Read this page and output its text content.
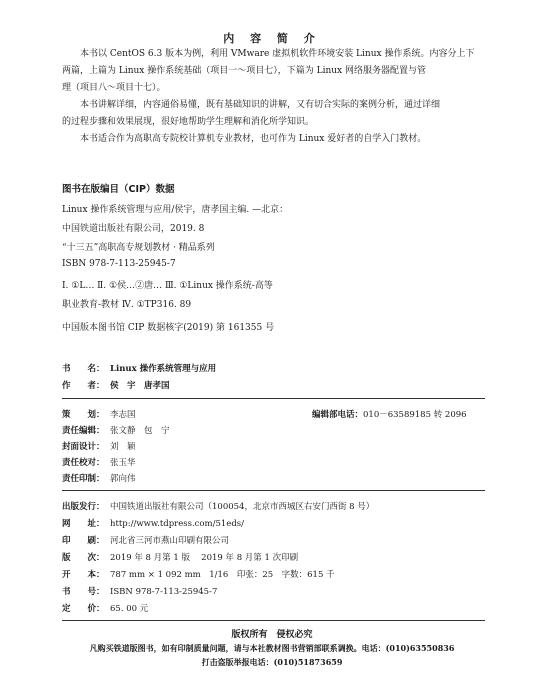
内 容 简 介
本书以 CentOS 6.3 版本为例，利用 VMware 虚拟机软件环境安装 Linux 操作系统。内容分上下
两篇，上篇为 Linux 操作系统基础（项目一～项目七），下篇为 Linux 网络服务器配置与管
理（项目八～项目十七）。
本书讲解详细，内容通俗易懂，既有基础知识的讲解，又有切合实际的案例分析，通过详细
的过程步骤和效果展现，很好地帮助学生理解和消化所学知识。
本书适合作为高职高专院校计算机专业教材，也可作为 Linux 爱好者的自学入门教材。
图书在版编目（CIP）数据
Linux 操作系统管理与应用/侯宇，唐孝国主编. —北京：
中国铁道出版社有限公司，2019. 8
“十三五”高职高专规划教材 · 精品系列
ISBN 978-7-113-25945-7
Ⅰ. ①L… Ⅱ. ①侯…②唐… Ⅲ. ①Linux 操作系统-高等
职业教育-教材 Ⅳ. ①TP316. 89
中国版本图书馆 CIP 数据核字(2019) 第 161355 号
书　　名： Linux 操作系统管理与应用
作　　者： 侯　宇　唐孝国
策　　划： 李志国	编辑部电话：010－63589185 转 2096
责任编辑： 张文静　包　宁
封面设计： 刘　颖
责任校对： 张玉华
责任印制： 郭向伟
出版发行： 中国铁道出版社有限公司（100054，北京市西城区右安门西街 8 号）
网　　址： http://www.tdpress.com/51eds/
印　　刷： 河北省三河市燕山印刷有限公司
版　　次： 2019 年 8 月第 1 版　 2019 年 8 月第 1 次印刷
开　　本： 787 mm × 1 092 mm　1/16　印张：25　字数：615 千
书　　号： ISBN 978-7-113-25945-7
定　　价： 65. 00 元
版权所有　侵权必究
凡购买铁道版图书，如有印制质量问题，请与本社教材图书营销部联系调换。电话：(010)63550836
打击盗版举报电话：(010)51873659
